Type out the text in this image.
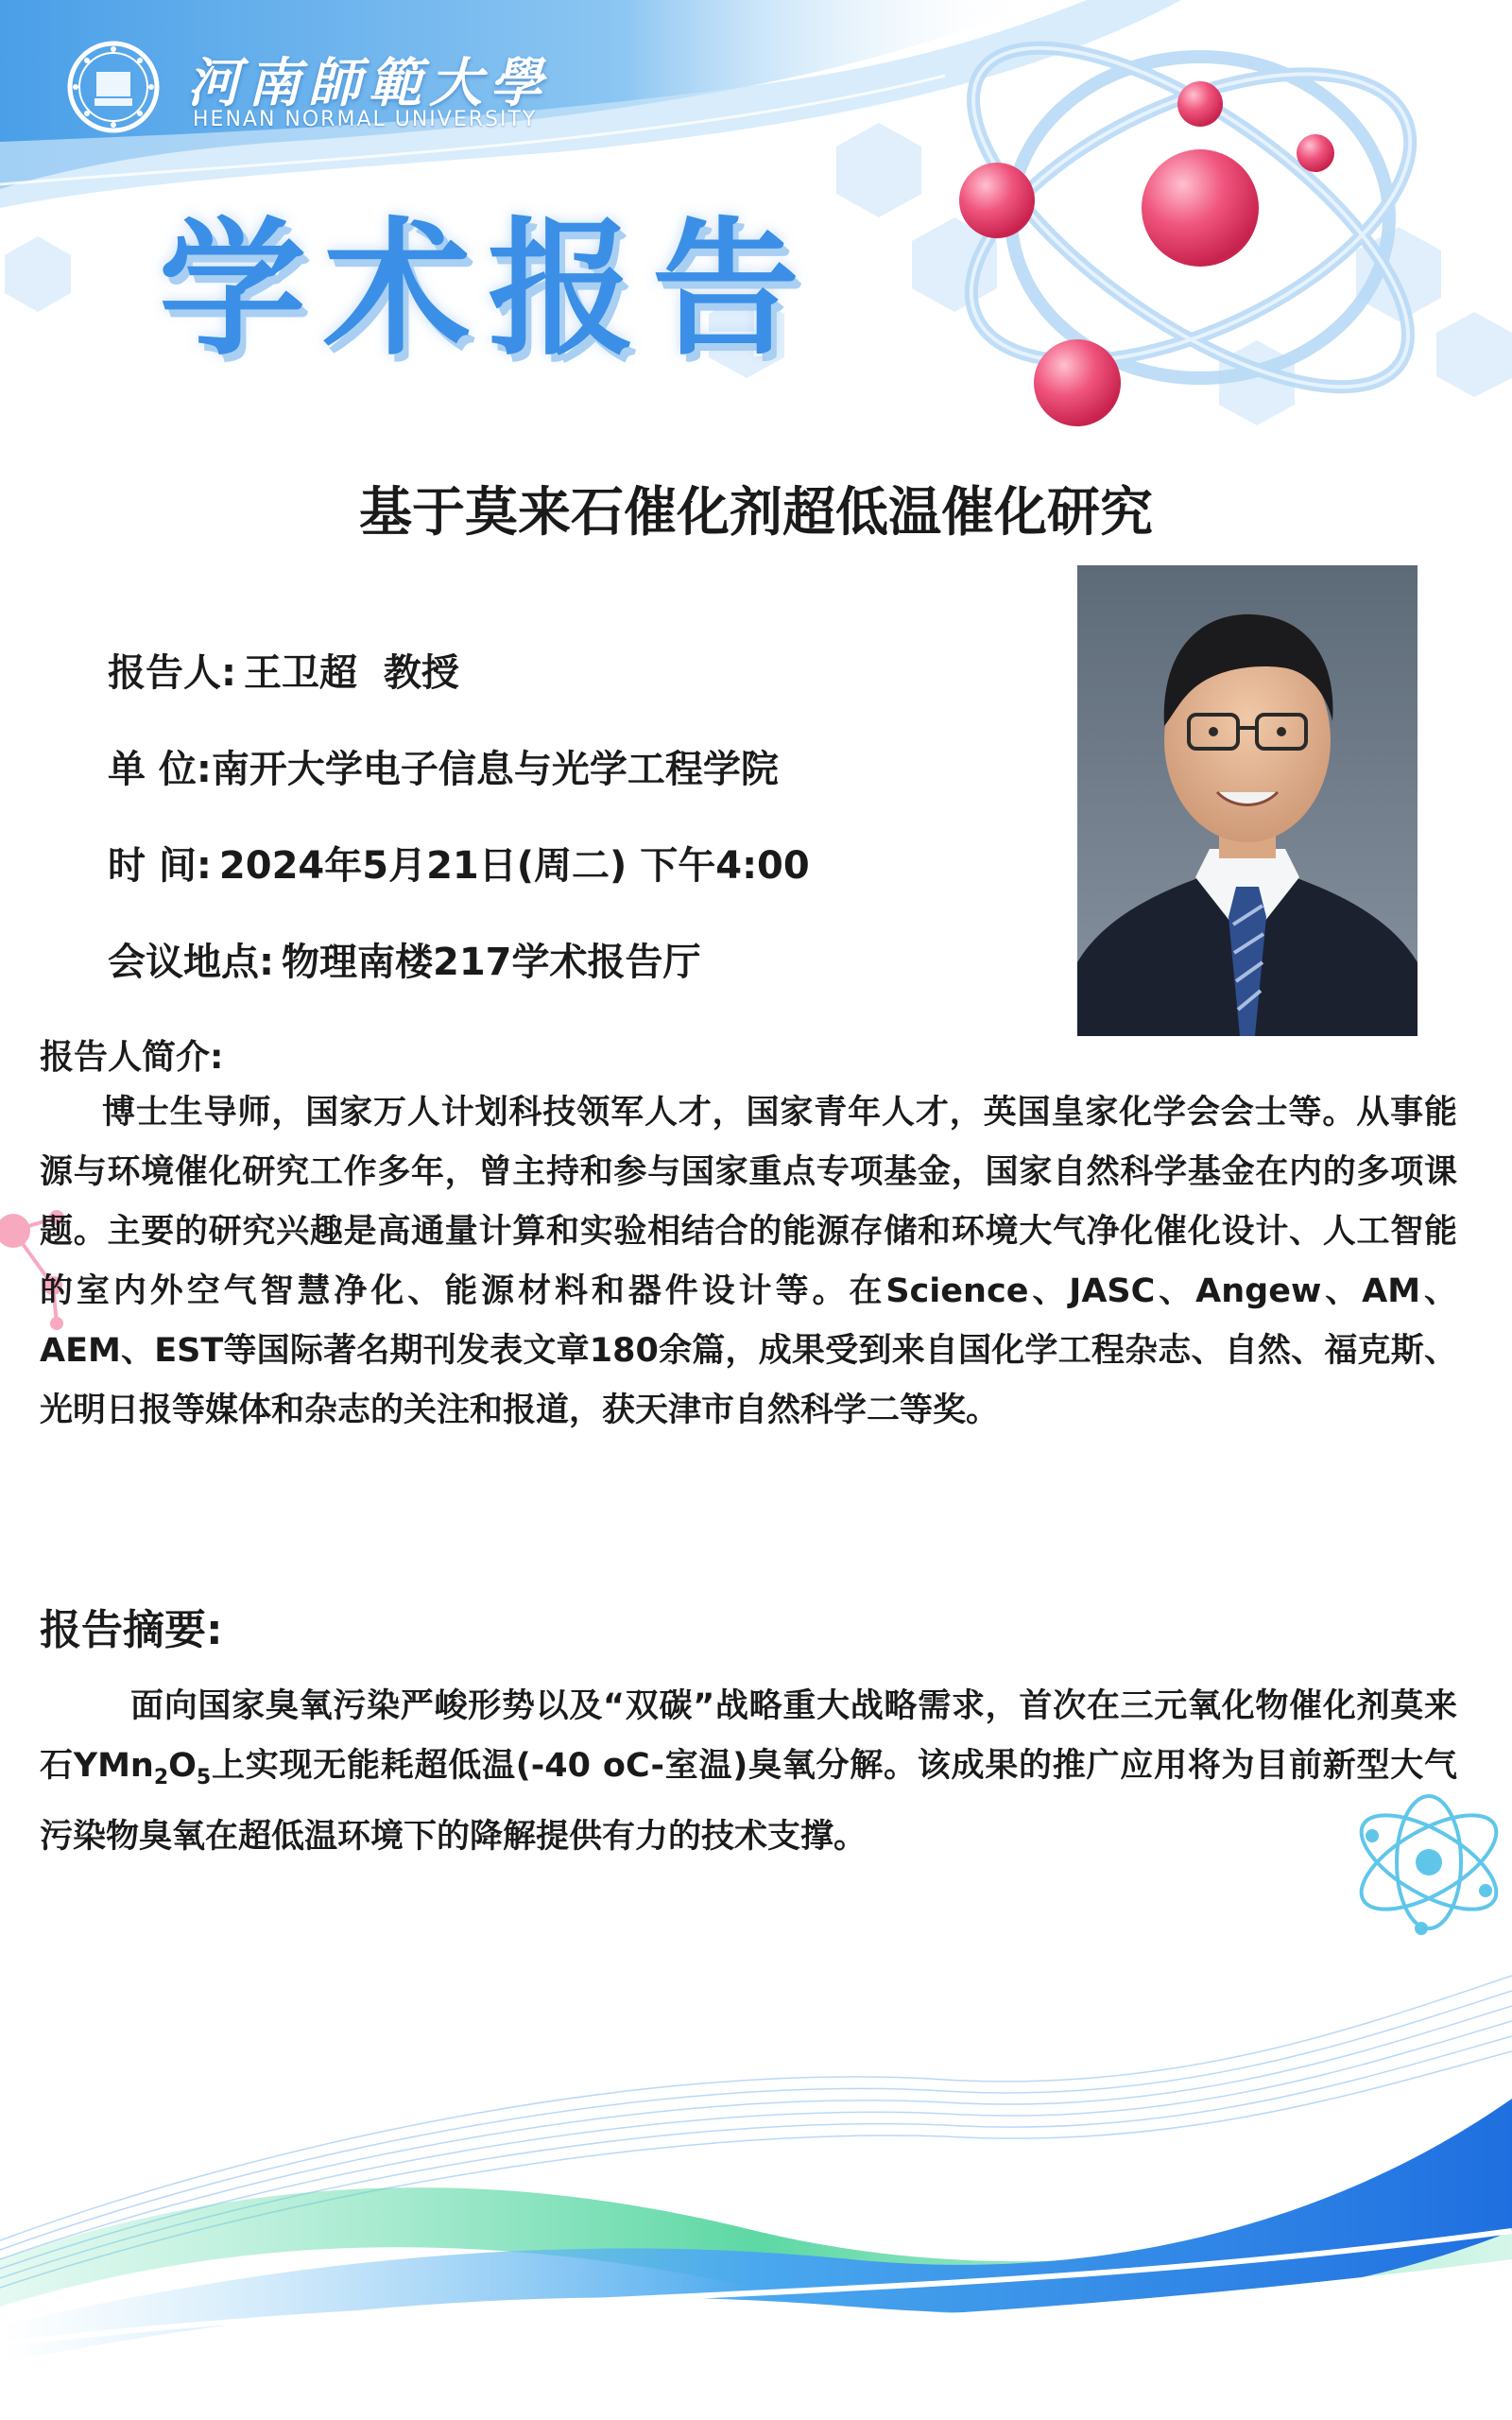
河南師範大學
HENAN NORMAL UNIVERSITY
学术报告
基于莫来石催化剂超低温催化研究
报告人: 王卫超  教授
单 位:南开大学电子信息与光学工程学院
时 间: 2024年5月21日(周二) 下午4:00
会议地点: 物理南楼217学术报告厅
报告人简介:
博士生导师，国家万人计划科技领军人才，国家青年人才，英国皇家化学会会士等。从事能源与环境催化研究工作多年，曾主持和参与国家重点专项基金，国家自然科学基金在内的多项课题。主要的研究兴趣是高通量计算和实验相结合的能源存储和环境大气净化催化设计、人工智能的室内外空气智慧净化、能源材料和器件设计等。在Science、JASC、Angew、AM、AEM、EST等国际著名期刊发表文章180余篇，成果受到来自国化学工程杂志、自然、福克斯、光明日报等媒体和杂志的关注和报道，获天津市自然科学二等奖。
报告摘要:
面向国家臭氧污染严峻形势以及“双碳”战略重大战略需求，首次在三元氧化物催化剂莫来石$YMn_2O_5$上实现无能耗超低温(-40 oC-室温)臭氧分解。该成果的推广应用将为目前新型大气污染物臭氧在超低温环境下的降解提供有力的技术支撑。
